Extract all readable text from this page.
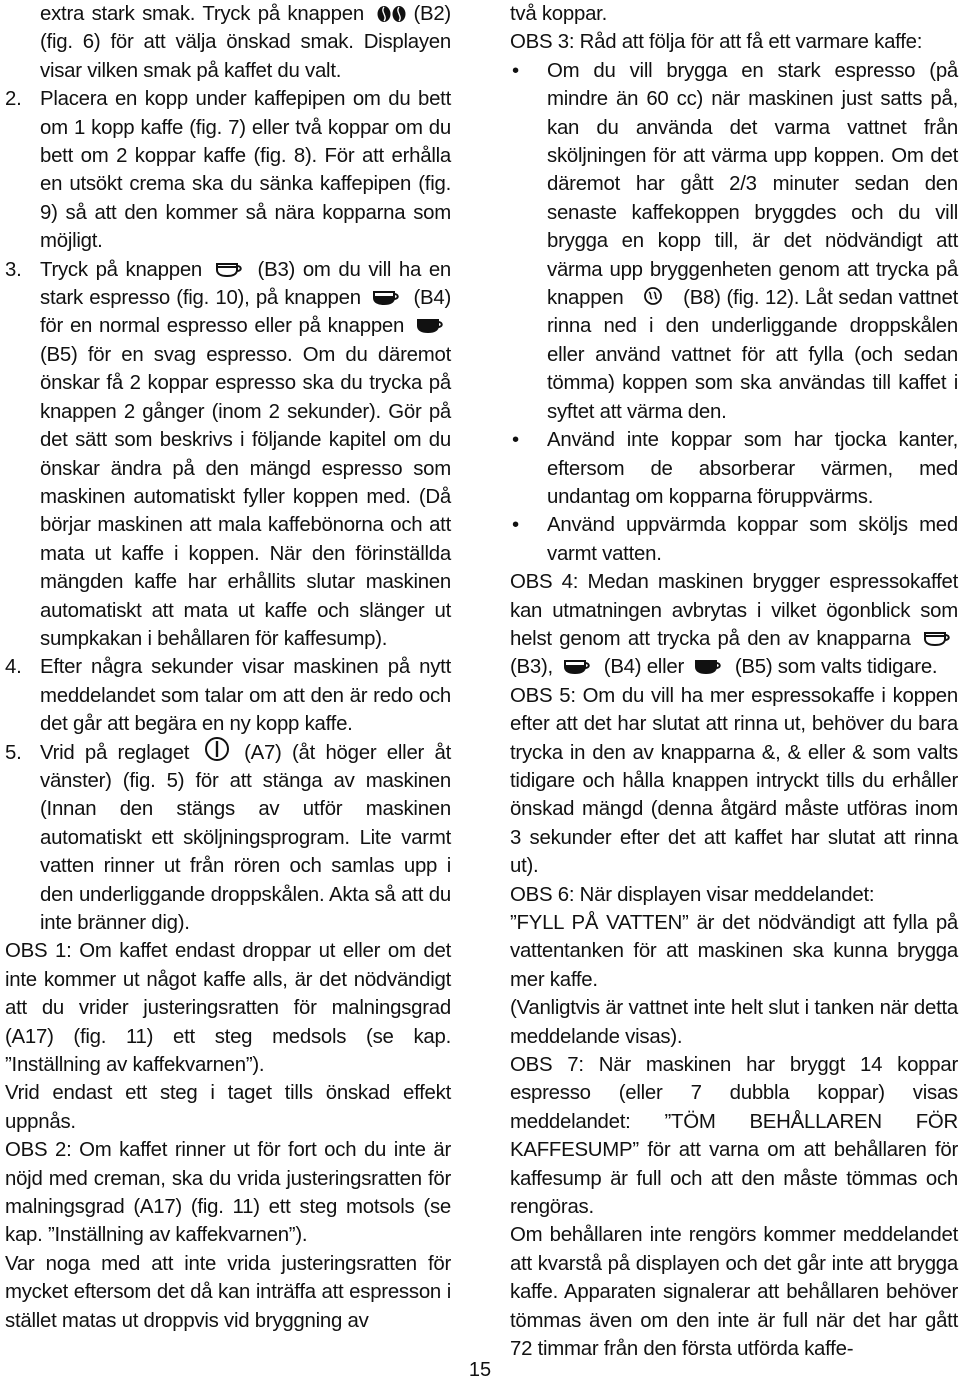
extra stark smak. Tryck på knappen (B2) (fig. 6) för att välja önskad smak. Displayen visar vilken smak på kaffet du valt.

2. Placera en kopp under kaffepipen om du bett om 1 kopp kaffe (fig. 7) eller två koppar om du bett om 2 koppar kaffe (fig. 8). För att erhålla en utsökt crema ska du sänka kaffepipen (fig. 9) så att den kommer så nära kopparna som möjligt.

3. Tryck på knappen	(B3) om du vill ha en stark espresso (fig. 10), på knappen	(B4) för en normal espresso eller på knappen
(B5) för en svag espresso. Om du däremot önskar få 2 koppar espresso ska du trycka på knappen 2 gånger (inom 2 sekunder). Gör på det sätt som beskrivs i följande kapitel om du önskar ändra på den mängd espresso som maskinen automatiskt fyller koppen med. (Då börjar maskinen att mala kaffebönorna och att mata ut kaffe i koppen. När den förinställda mängden kaffe har erhållits slutar maskinen automatiskt att mata ut kaffe och slänger ut sumpkakan i behållaren för kaffesump).

4. Efter några sekunder visar maskinen på nytt meddelandet som talar om att den är redo och det går att begära en ny kopp kaffe.

5. Vrid på reglaget	(A7) (åt höger eller åt vänster) (fig. 5) för att stänga av maskinen (Innan den stängs av utför maskinen automatiskt ett sköljningsprogram. Lite varmt vatten rinner ut från rören och samlas upp i den underliggande droppskålen. Akta så att du inte bränner dig).

OBS 1: Om kaffet endast droppar ut eller om det inte kommer ut något kaffe alls, är det nödvändigt att du vrider justeringsratten för malningsgrad (A17) (fig. 11) ett steg medsols (se kap. ”Inställning av kaffekvarnen”).

Vrid endast ett steg i taget tills önskad effekt uppnås.

OBS 2: Om kaffet rinner ut för fort och du inte är nöjd med creman, ska du vrida justeringsratten för malningsgrad (A17) (fig. 11) ett steg motsols (se kap. ”Inställning av kaffekvarnen”).

Var noga med att inte vrida justeringsratten för mycket eftersom det då kan inträffa att espresson i stället matas ut droppvis vid bryggning av

två koppar.

OBS 3: Råd att följa för att få ett varmare kaffe:

• Om du vill brygga en stark espresso (på mindre än 60 cc) när maskinen just satts på, kan du använda det varma vattnet från sköljningen för att värma upp koppen. Om det däremot har gått 2/3 minuter sedan den senaste kaffekoppen bryggdes och du vill brygga en kopp till, är det nödvändigt att värma upp bryggenheten genom att trycka på knappen	(B8) (fig. 12). Låt sedan vattnet rinna ned i den underliggande droppskålen eller använd vattnet för att fylla (och sedan tömma) koppen som ska användas till kaffet i syftet att värma den.

• Använd inte koppar som har tjocka kanter, eftersom de absorberar värmen, med undantag om kopparna föruppvärms.

• Använd uppvärmda koppar som sköljs med varmt vatten.

OBS 4: Medan maskinen brygger espressokaffet kan utmatningen avbrytas i vilket ögonblick som helst genom att trycka på den av knapparna
(B3), (B4) eller (B5) som valts tidigare.

OBS 5: Om du vill ha mer espressokaffe i koppen efter att det har slutat att rinna ut, behöver du bara trycka in den av knapparna &, & eller & som valts tidigare och hålla knappen intryckt tills du erhåller önskad mängd (denna åtgärd måste utföras inom 3 sekunder efter det att kaffet har slutat att rinna ut).

OBS 6: När displayen visar meddelandet:

”FYLL PÅ VATTEN” är det nödvändigt att fylla på vattentanken för att maskinen ska kunna brygga mer kaffe.

(Vanligtvis är vattnet inte helt slut i tanken när detta meddelande visas).

OBS 7: När maskinen har bryggt 14 koppar espresso (eller 7 dubbla koppar) visas meddelandet: ”TÖM BEHÅLLAREN FÖR KAFFESUMP” för att varna om att behållaren för kaffesump är full och att den måste tömmas och rengöras.

Om behållaren inte rengörs kommer meddelandet att kvarstå på displayen och det går inte att brygga kaffe. Apparaten signalerar att behållaren behöver tömmas även om den inte är full när det har gått 72 timmar från den första utförda kaffe-

15
